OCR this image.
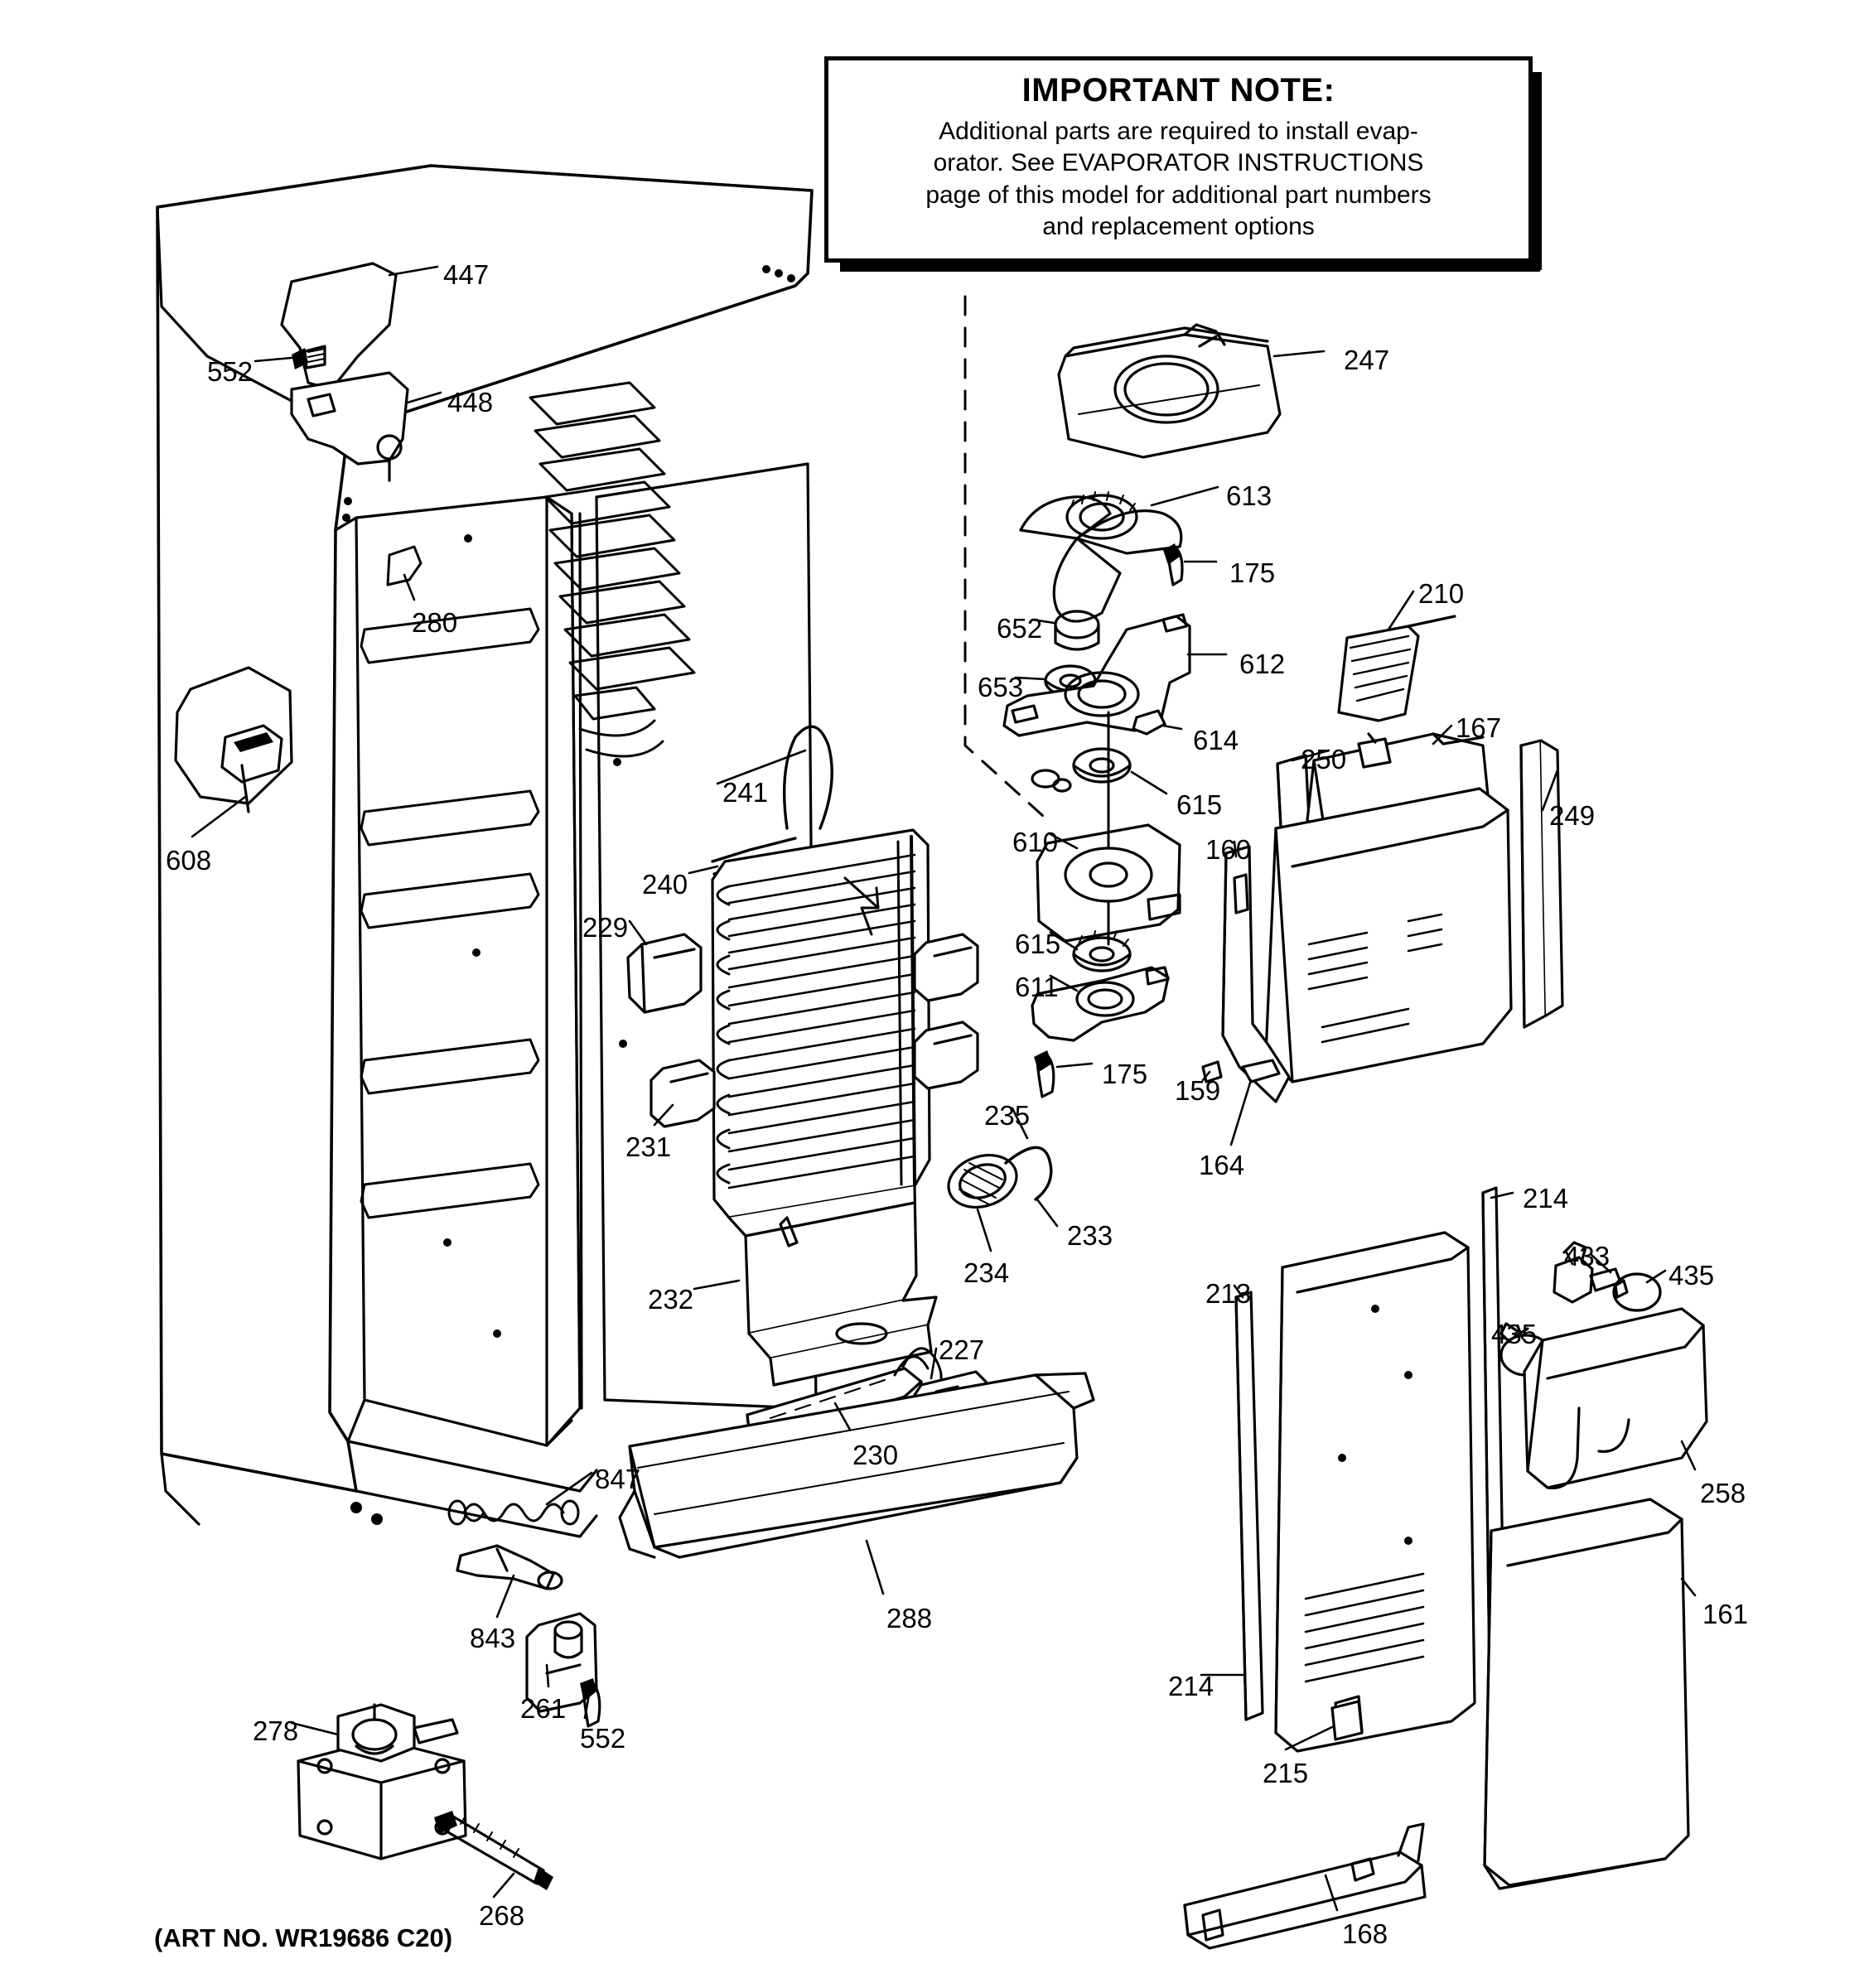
IMPORTANT NOTE:
Additional parts are required to install evap-
orator. See EVAPORATOR INSTRUCTIONS
page of this model for additional part numbers
and replacement options
447
552
448
280
608
241
240
229
231
232
230
227
288
847
843
261
552
278
268
247
613
175
652
653
612
614
615
610
615
611
175
235
233
234
210
250
167
249
160
159
164
213
214
433
435
435
258
161
214
215
168
(ART NO. WR19686 C20)
